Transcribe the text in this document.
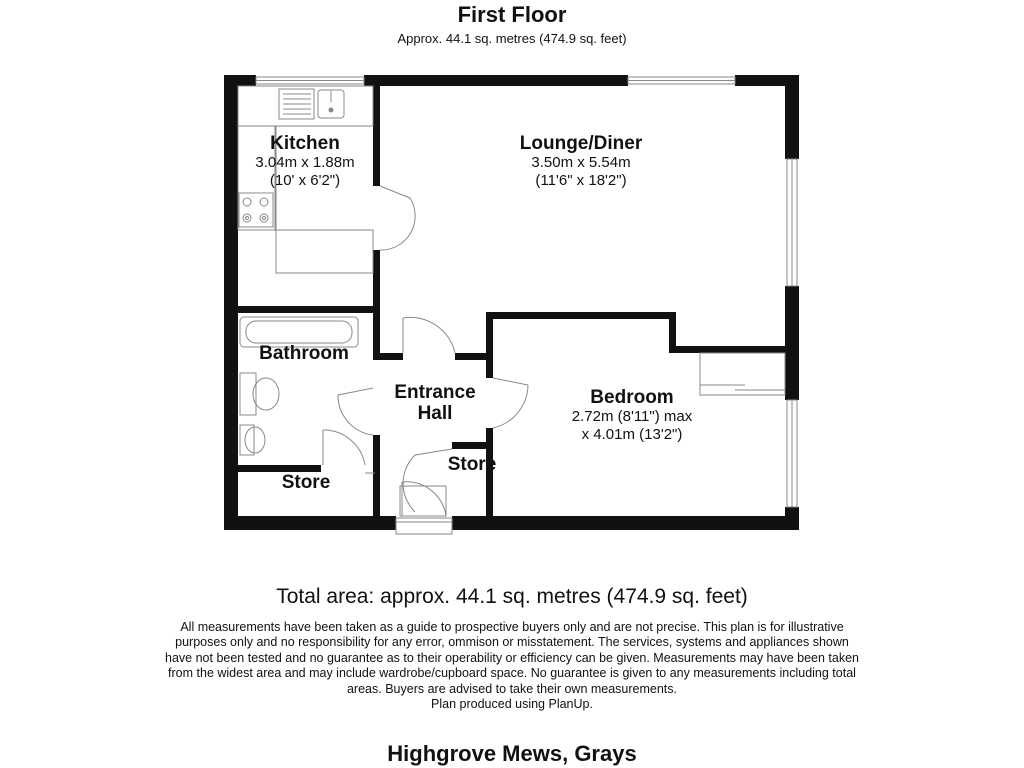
First Floor
Approx. 44.1 sq. metres (474.9 sq. feet)
Kitchen
3.04m x 1.88m
(10' x 6'2")
Lounge/Diner
3.50m x 5.54m
(11'6" x 18'2")
Bathroom
Entrance
Hall
Store
Store
Bedroom
2.72m (8'11") max
x 4.01m (13'2")
Total area: approx. 44.1 sq. metres (474.9 sq. feet)
All measurements have been taken as a guide to prospective buyers only and are not precise. This plan is for illustrative purposes only and no responsibility for any error, ommison or misstatement. The services, systems and appliances shown have not been tested and no guarantee as to their operability or efficiency can be given. Measurements may have been taken from the widest area and may include wardrobe/cupboard space. No guarantee is given to any measurements including total areas. Buyers are advised to take their own measurements.
Plan produced using PlanUp.
Highgrove Mews, Grays
